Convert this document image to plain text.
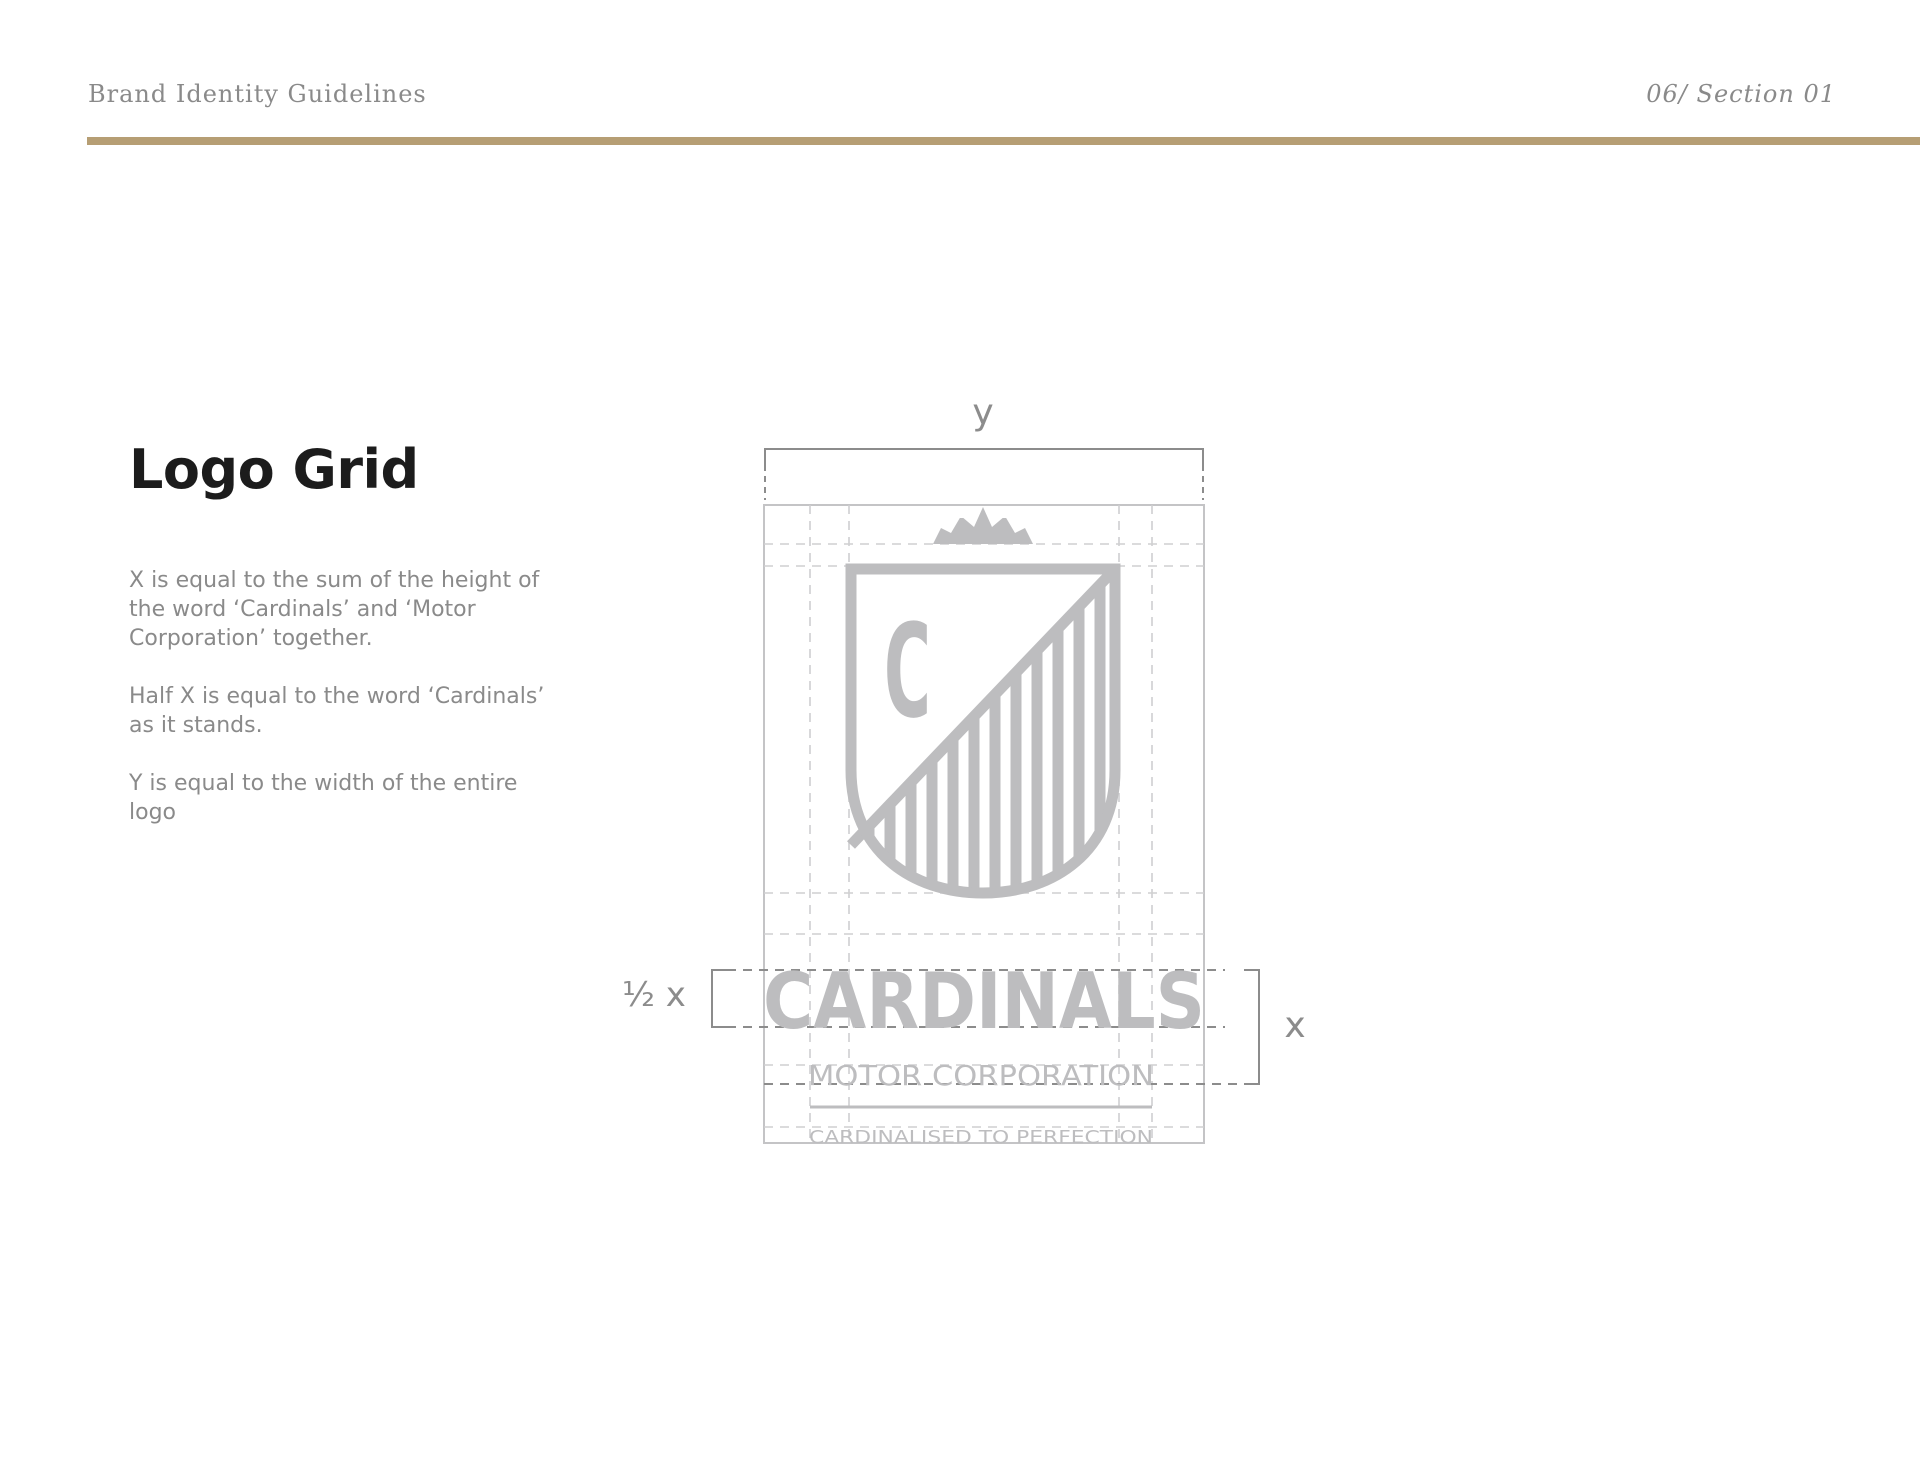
Brand Identity Guidelines	06/ Section 01
Logo Grid

X is equal to the sum of the height of the word ‘Cardinals’ and ‘Motor Corporation’ together.

Half X is equal to the word ‘Cardinals’ as it stands.

Y is equal to the width of the entire logo

y
½ x
x
C
CARDINALS
MOTOR CORPORATION
CARDINALISED TO PERFECTION
